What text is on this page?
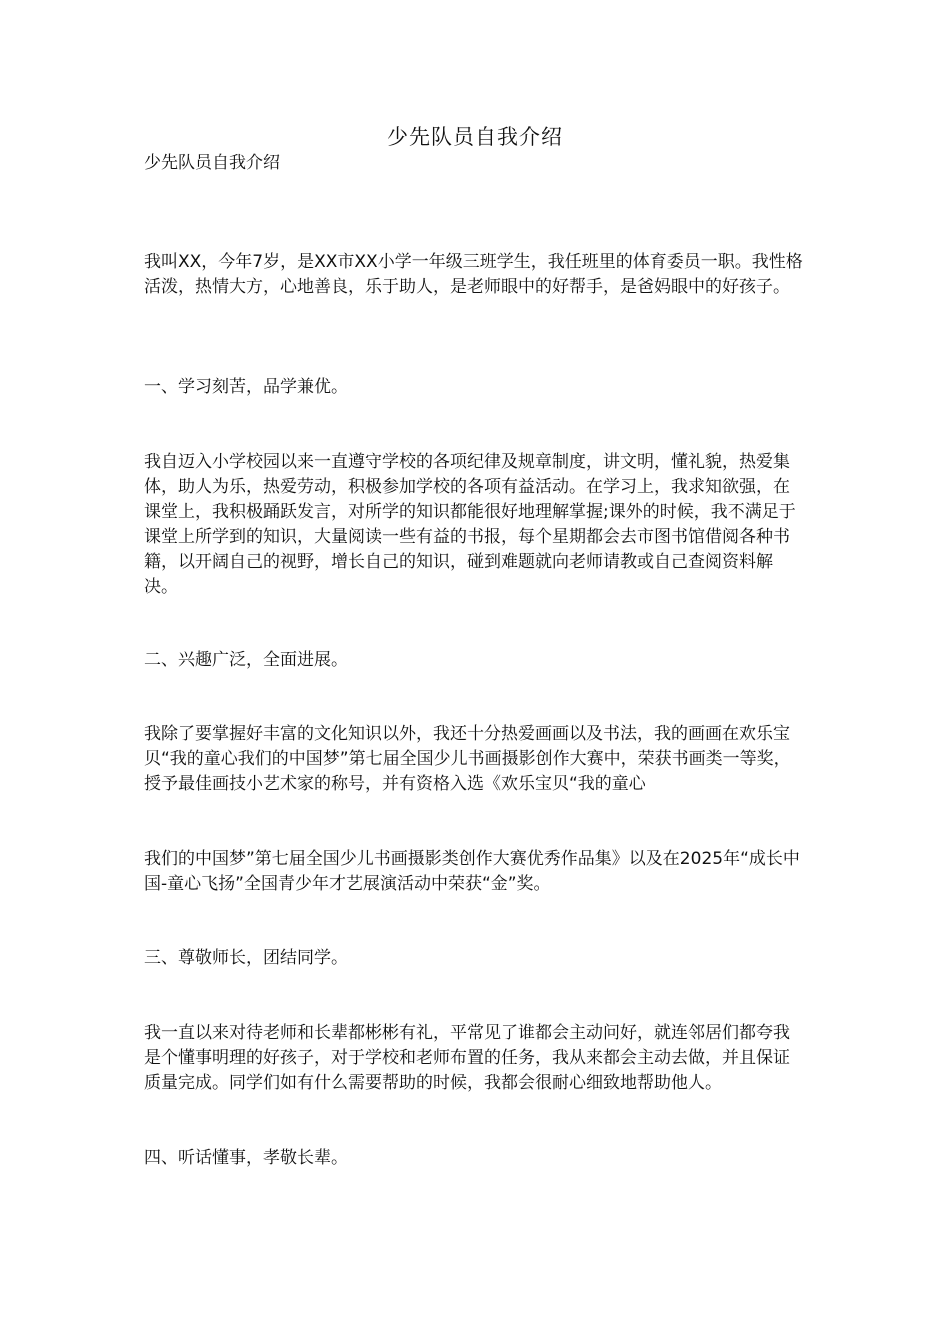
少先队员自我介绍
少先队员自我介绍
我叫XX，今年7岁，是XX市XX小学一年级三班学生，我任班里的体育委员一职。我性格活泼，热情大方，心地善良，乐于助人，是老师眼中的好帮手，是爸妈眼中的好孩子。
一、学习刻苦，品学兼优。
我自迈入小学校园以来一直遵守学校的各项纪律及规章制度，讲文明，懂礼貌，热爱集体，助人为乐，热爱劳动，积极参加学校的各项有益活动。在学习上，我求知欲强，在课堂上，我积极踊跃发言，对所学的知识都能很好地理解掌握;课外的时候，我不满足于课堂上所学到的知识，大量阅读一些有益的书报，每个星期都会去市图书馆借阅各种书籍，以开阔自己的视野，增长自己的知识，碰到难题就向老师请教或自己查阅资料解决。
二、兴趣广泛，全面进展。
我除了要掌握好丰富的文化知识以外，我还十分热爱画画以及书法，我的画画在欢乐宝贝“我的童心我们的中国梦”第七届全国少儿书画摄影创作大赛中，荣获书画类一等奖，授予最佳画技小艺术家的称号，并有资格入选《欢乐宝贝“我的童心
我们的中国梦”第七届全国少儿书画摄影类创作大赛优秀作品集》以及在2025年“成长中国-童心飞扬”全国青少年才艺展演活动中荣获“金”奖。
三、尊敬师长，团结同学。
我一直以来对待老师和长辈都彬彬有礼，平常见了谁都会主动问好，就连邻居们都夸我是个懂事明理的好孩子，对于学校和老师布置的任务，我从来都会主动去做，并且保证质量完成。同学们如有什么需要帮助的时候，我都会很耐心细致地帮助他人。
四、听话懂事，孝敬长辈。
